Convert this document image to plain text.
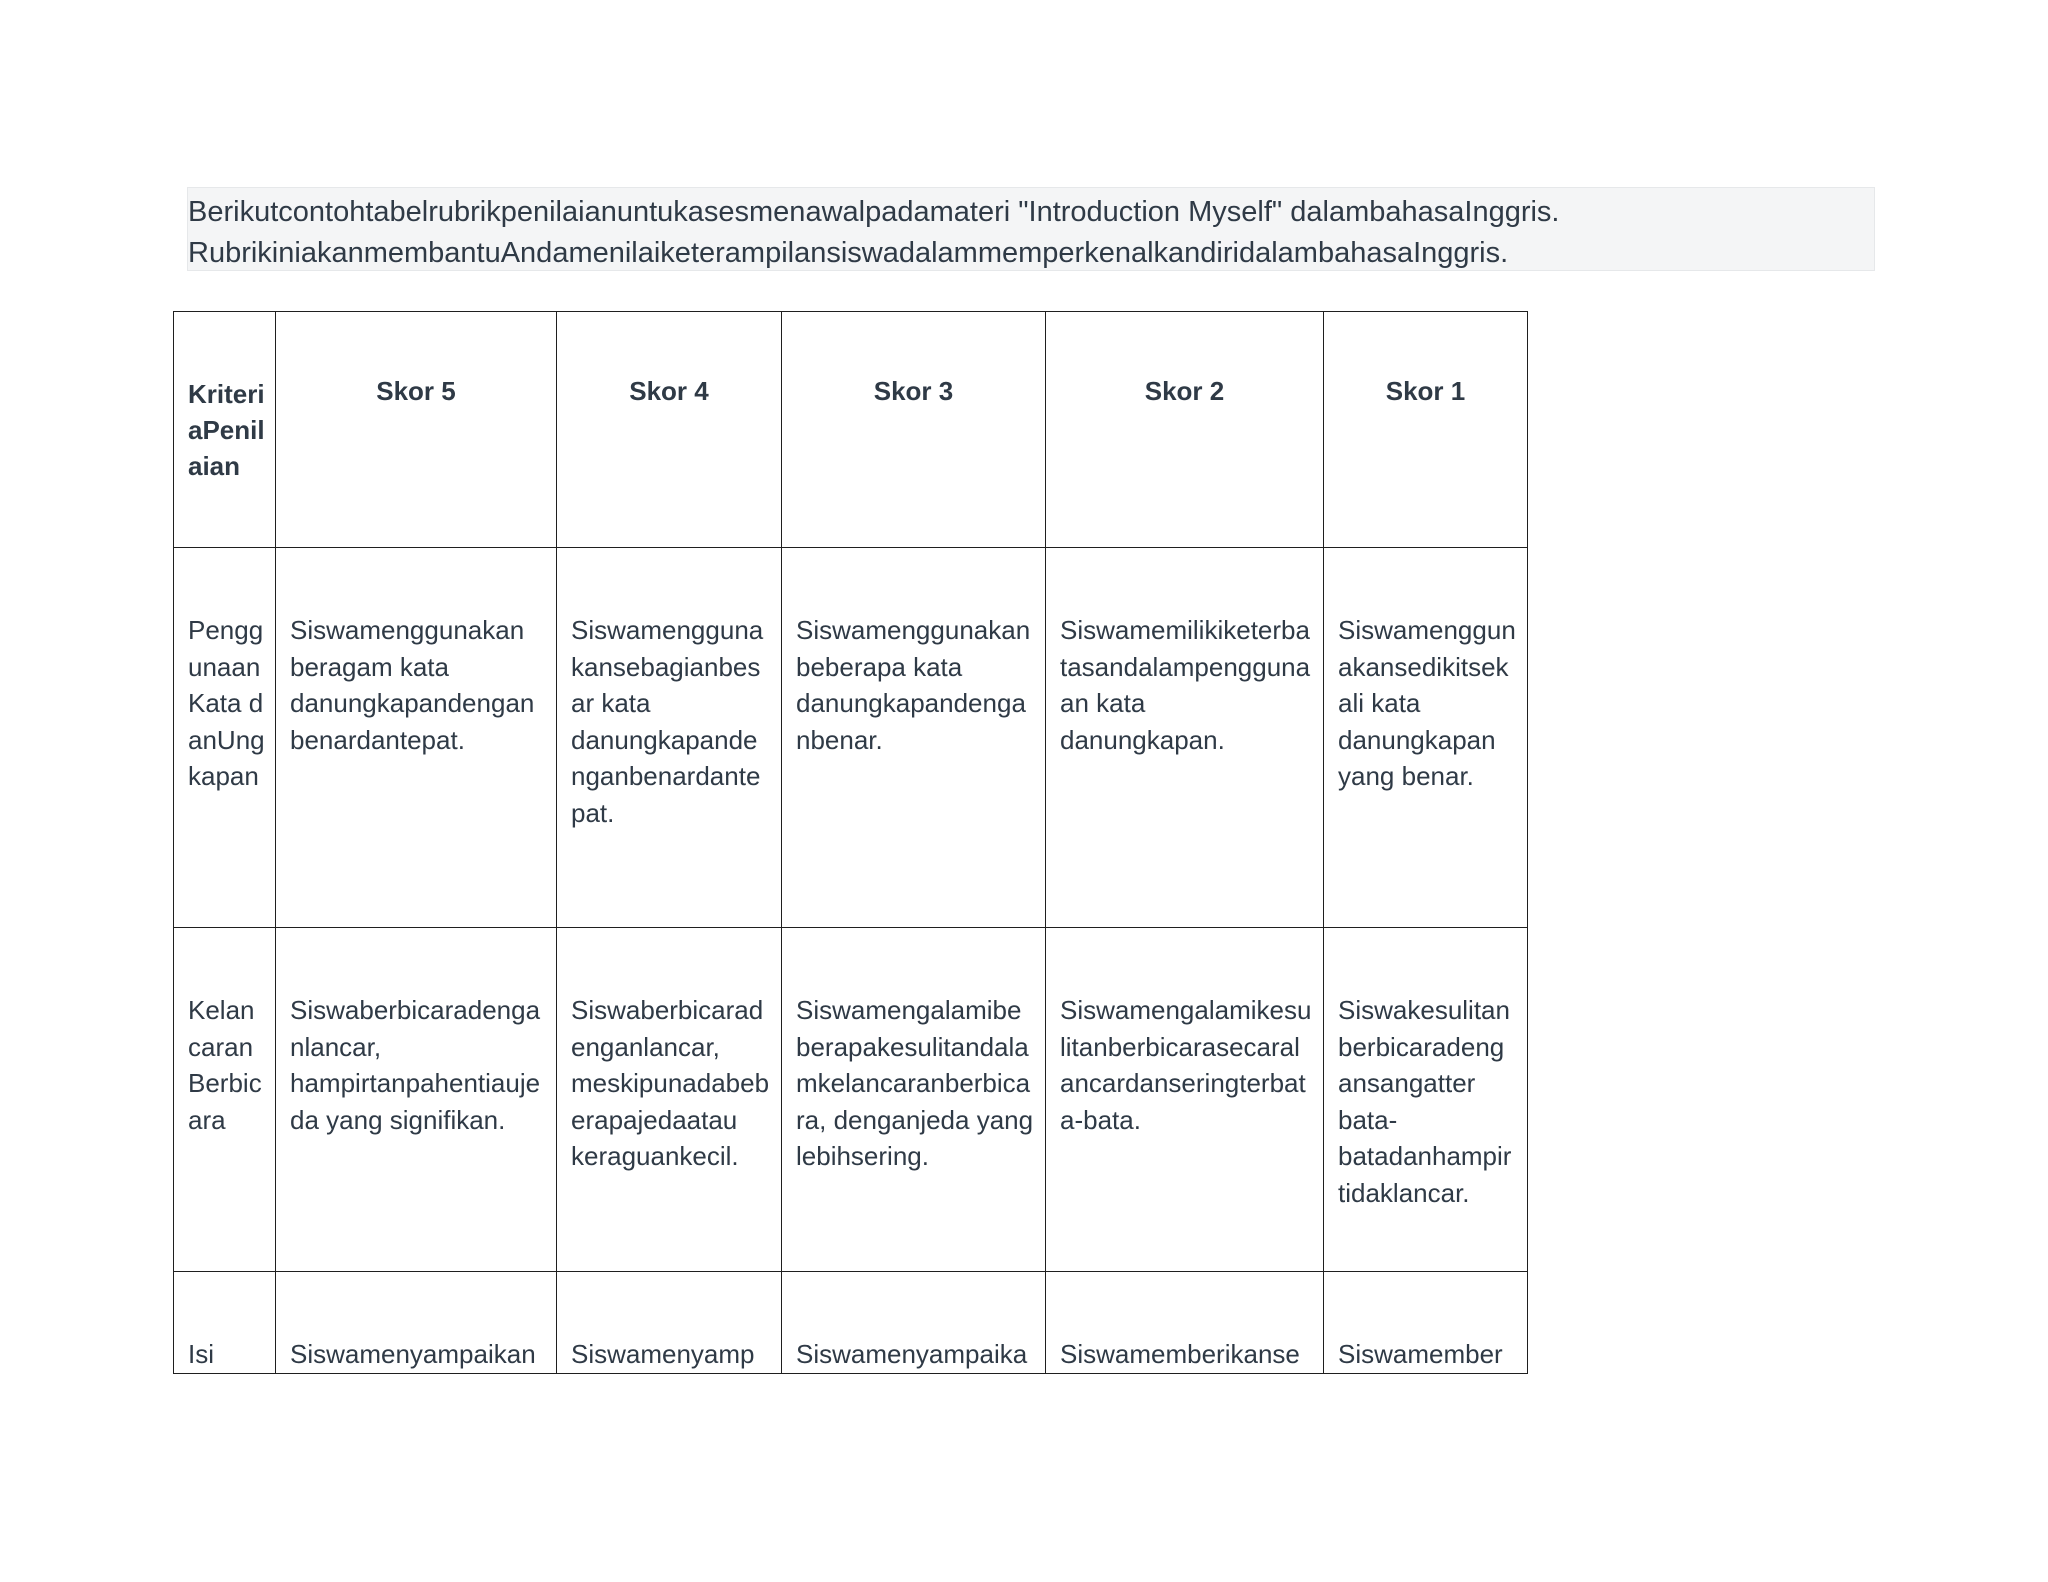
Berikutcontohtabelrubrikpenilaianuntukasesmenawalpadamateri "Introduction Myself" dalambahasaInggris.
RubrikiniakanmembantuAndamenilaiketerampilansiswadalammemperkenalkandiridalambahasaInggris.
KriteriaPenilaian	Skor 5	Skor 4	Skor 3	Skor 2	Skor 1

PenggunaanKata danUngkapan	Siswamenggunakan beragam kata danungkapandenganbenardantepat.	Siswamenggunakansebagianbesar kata danungkapandenganbenardantepat.	Siswamenggunakanbeberapa kata danungkapandenganbenar.	Siswamemilikiketerbatasandalampenggunaan kata danungkapan.	Siswamenggunakansedikitsekali kata danungkapan yang benar.

KelancaranBerbicara	Siswaberbicaradenganlancar, hampirtanpahentiaujeda yang signifikan.	Siswaberbicaradenganlancar, meskipunadabeberapajedaatau keraguankecil.	Siswamengalamibeberapakesulitandalamkelancaranberbicara, denganjeda yang lebihsering.	Siswamengalamikesulitanberbicarasecaralancardanseringterbata-bata.	Siswakesulitanberbicaradengansangatter bata-batadanhampirtidaklancar.

Isi	Siswamenyampaikan	Siswamenyamp	Siswamenyampaika	Siswamemberikanse	Siswamember
